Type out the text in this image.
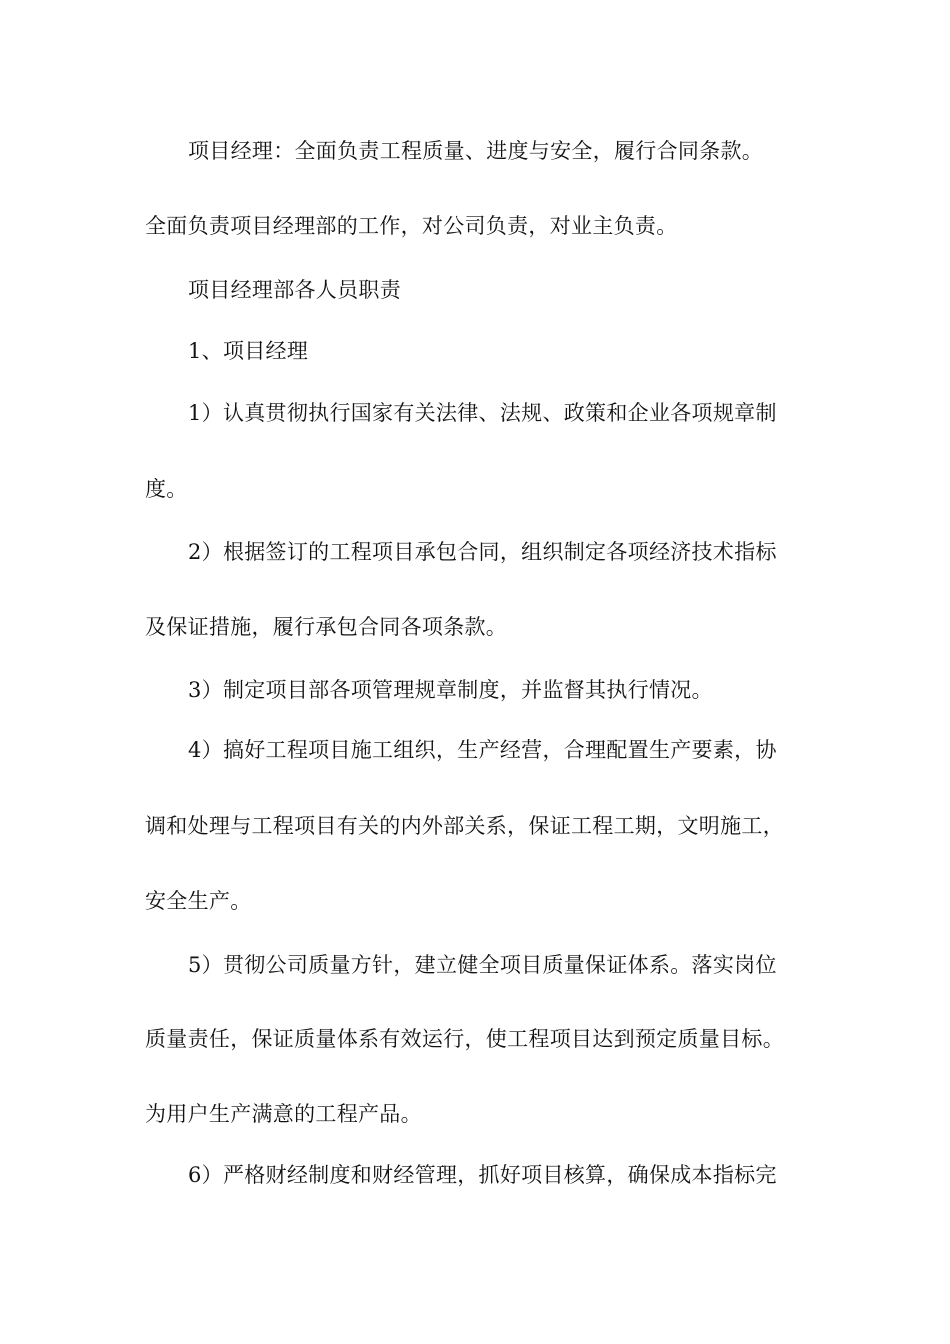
项目经理：全面负责工程质量、进度与安全，履行合同条款。
全面负责项目经理部的工作，对公司负责，对业主负责。
项目经理部各人员职责
1、项目经理
1）认真贯彻执行国家有关法律、法规、政策和企业各项规章制
度。
2）根据签订的工程项目承包合同，组织制定各项经济技术指标
及保证措施，履行承包合同各项条款。
3）制定项目部各项管理规章制度，并监督其执行情况。
4）搞好工程项目施工组织，生产经营，合理配置生产要素，协
调和处理与工程项目有关的内外部关系，保证工程工期，文明施工，
安全生产。
5）贯彻公司质量方针，建立健全项目质量保证体系。落实岗位
质量责任，保证质量体系有效运行，使工程项目达到预定质量目标。
为用户生产满意的工程产品。
6）严格财经制度和财经管理，抓好项目核算，确保成本指标完
